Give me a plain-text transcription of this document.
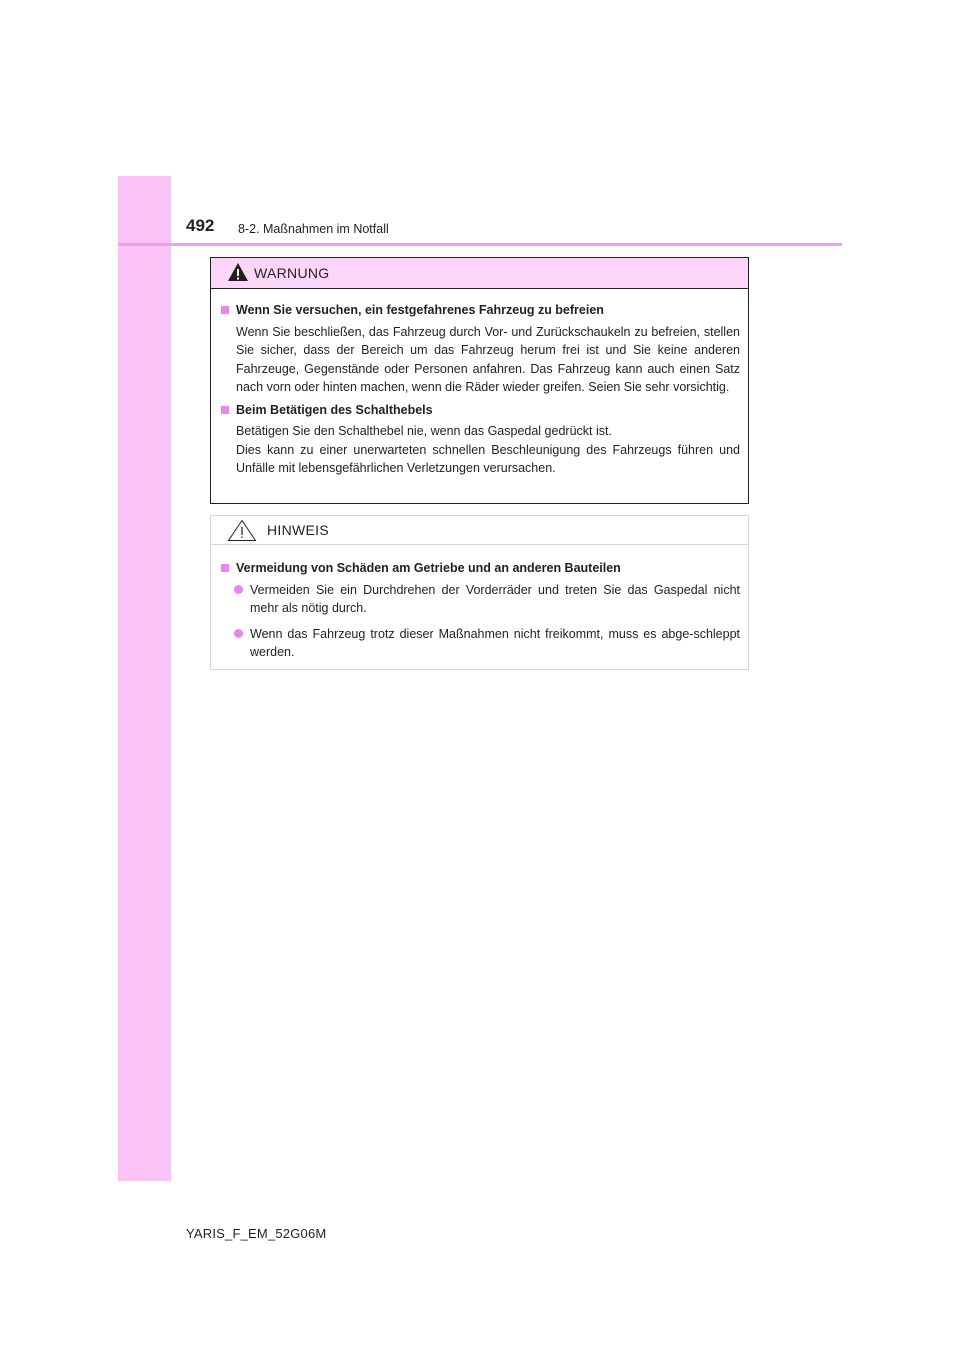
492 8-2. Maßnahmen im Notfall
WARNUNG
Wenn Sie versuchen, ein festgefahrenes Fahrzeug zu befreien
Wenn Sie beschließen, das Fahrzeug durch Vor- und Zurückschaukeln zu befreien, stellen Sie sicher, dass der Bereich um das Fahrzeug herum frei ist und Sie keine anderen Fahrzeuge, Gegenstände oder Personen anfahren. Das Fahrzeug kann auch einen Satz nach vorn oder hinten machen, wenn die Räder wieder greifen. Seien Sie sehr vorsichtig.
Beim Betätigen des Schalthebels
Betätigen Sie den Schalthebel nie, wenn das Gaspedal gedrückt ist.
Dies kann zu einer unerwarteten schnellen Beschleunigung des Fahrzeugs führen und Unfälle mit lebensgefährlichen Verletzungen verursachen.
HINWEIS
Vermeidung von Schäden am Getriebe und an anderen Bauteilen
Vermeiden Sie ein Durchdrehen der Vorderräder und treten Sie das Gaspedal nicht mehr als nötig durch.
Wenn das Fahrzeug trotz dieser Maßnahmen nicht freikommt, muss es abge-schleppt werden.
YARIS_F_EM_52G06M
